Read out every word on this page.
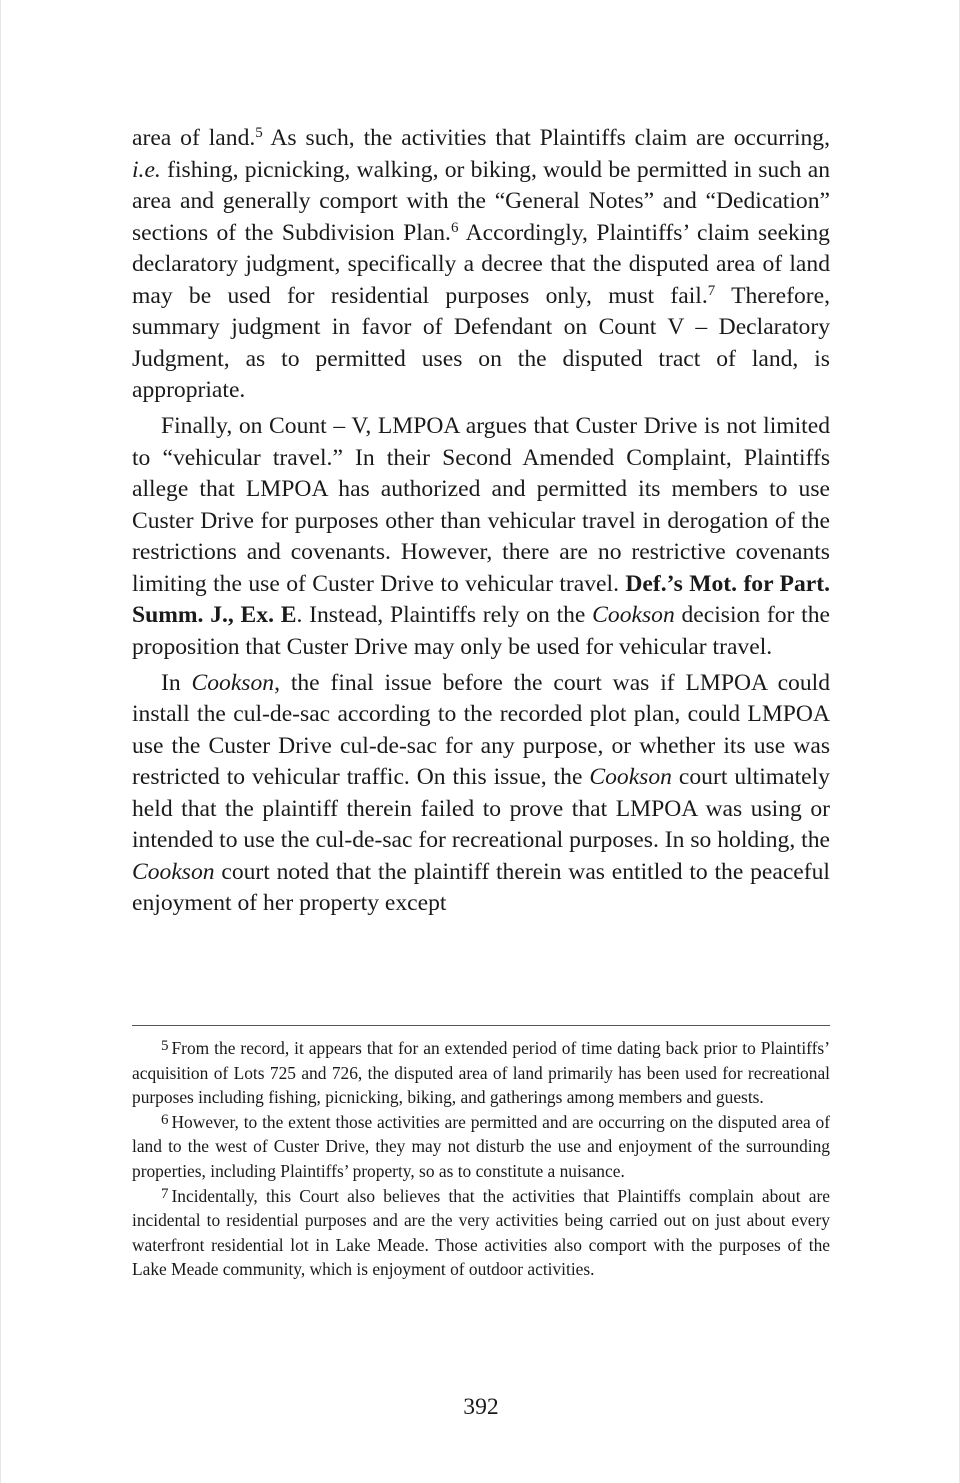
area of land.$^5$ As such, the activities that Plaintiffs claim are occurring, i.e. fishing, picnicking, walking, or biking, would be permitted in such an area and generally comport with the “General Notes” and “Dedication” sections of the Subdivision Plan.$^6$ Accordingly, Plaintiffs’ claim seeking declaratory judgment, specifically a decree that the disputed area of land may be used for residential purposes only, must fail.$^7$ Therefore, summary judgment in favor of Defendant on Count V – Declaratory Judgment, as to permitted uses on the disputed tract of land, is appropriate.

Finally, on Count – V, LMPOA argues that Custer Drive is not limited to “vehicular travel.” In their Second Amended Complaint, Plaintiffs allege that LMPOA has authorized and permitted its members to use Custer Drive for purposes other than vehicular travel in derogation of the restrictions and covenants. However, there are no restrictive covenants limiting the use of Custer Drive to vehicular travel. Def.’s Mot. for Part. Summ. J., Ex. E. Instead, Plaintiffs rely on the Cookson decision for the proposition that Custer Drive may only be used for vehicular travel.

In Cookson, the final issue before the court was if LMPOA could install the cul-de-sac according to the recorded plot plan, could LMPOA use the Custer Drive cul-de-sac for any purpose, or whether its use was restricted to vehicular traffic. On this issue, the Cookson court ultimately held that the plaintiff therein failed to prove that LMPOA was using or intended to use the cul-de-sac for recreational purposes. In so holding, the Cookson court noted that the plaintiff therein was entitled to the peaceful enjoyment of her property except

5 From the record, it appears that for an extended period of time dating back prior to Plaintiffs’ acquisition of Lots 725 and 726, the disputed area of land primarily has been used for recreational purposes including fishing, picnicking, biking, and gatherings among members and guests.

6 However, to the extent those activities are permitted and are occurring on the disputed area of land to the west of Custer Drive, they may not disturb the use and enjoyment of the surrounding properties, including Plaintiffs’ property, so as to constitute a nuisance.

7 Incidentally, this Court also believes that the activities that Plaintiffs complain about are incidental to residential purposes and are the very activities being carried out on just about every waterfront residential lot in Lake Meade. Those activities also comport with the purposes of the Lake Meade community, which is enjoyment of outdoor activities.

392
